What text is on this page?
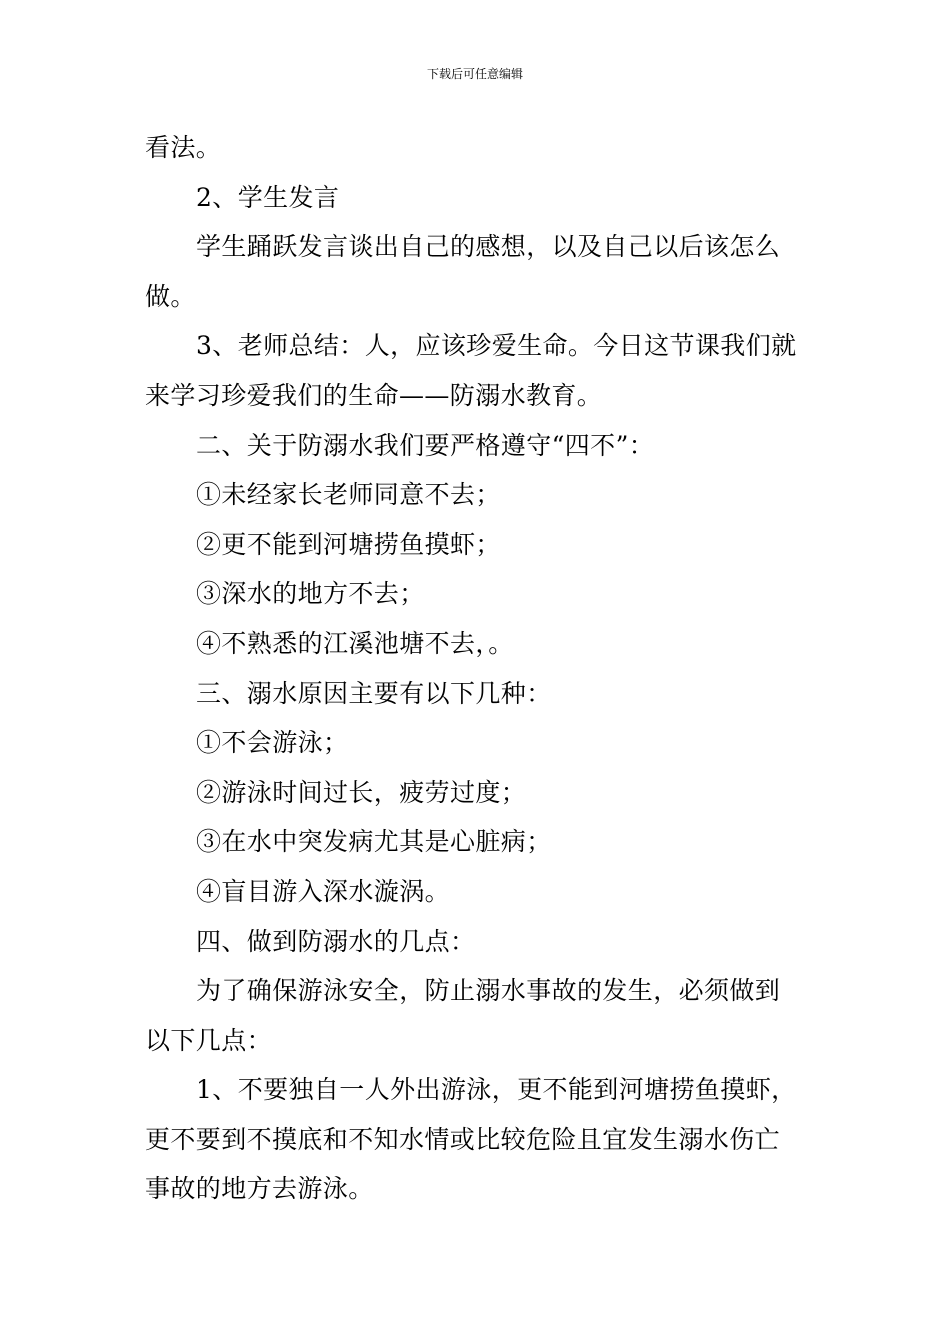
下载后可任意编辑

看法。

2、学生发言

学生踊跃发言谈出自己的感想，以及自己以后该怎么

做。

3、老师总结：人，应该珍爱生命。今日这节课我们就

来学习珍爱我们的生命——防溺水教育。

二、关于防溺水我们要严格遵守“四不”：

①未经家长老师同意不去；

②更不能到河塘捞鱼摸虾；

③深水的地方不去；

④不熟悉的江溪池塘不去，。

三、溺水原因主要有以下几种：

①不会游泳；

②游泳时间过长，疲劳过度；

③在水中突发病尤其是心脏病；

④盲目游入深水漩涡。

四、做到防溺水的几点：

为了确保游泳安全，防止溺水事故的发生，必须做到

以下几点：

1、不要独自一人外出游泳，更不能到河塘捞鱼摸虾，

更不要到不摸底和不知水情或比较危险且宜发生溺水伤亡

事故的地方去游泳。
